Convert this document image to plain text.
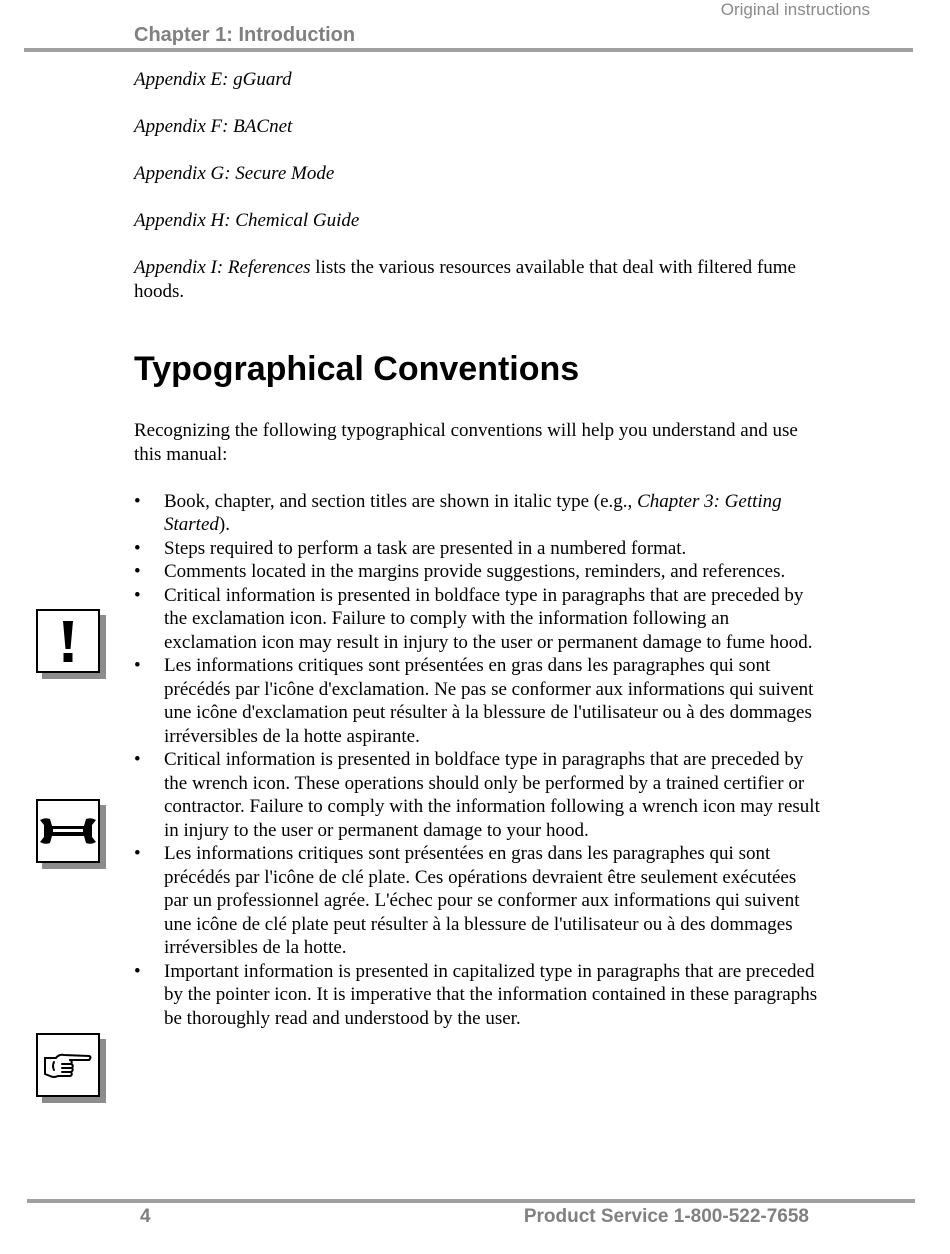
Original instructions
Chapter 1: Introduction

Appendix E: gGuard

Appendix F: BACnet

Appendix G: Secure Mode

Appendix H: Chemical Guide

Appendix I: References lists the various resources available that deal with filtered fume hoods.

Typographical Conventions

Recognizing the following typographical conventions will help you understand and use this manual:

• Book, chapter, and section titles are shown in italic type (e.g., Chapter 3: Getting Started).
• Steps required to perform a task are presented in a numbered format.
• Comments located in the margins provide suggestions, reminders, and references.
• Critical information is presented in boldface type in paragraphs that are preceded by the exclamation icon. Failure to comply with the information following an exclamation icon may result in injury to the user or permanent damage to fume hood.
• Les informations critiques sont présentées en gras dans les paragraphes qui sont précédés par l'icône d'exclamation. Ne pas se conformer aux informations qui suivent une icône d'exclamation peut résulter à la blessure de l'utilisateur ou à des dommages irréversibles de la hotte aspirante.
• Critical information is presented in boldface type in paragraphs that are preceded by the wrench icon. These operations should only be performed by a trained certifier or contractor. Failure to comply with the information following a wrench icon may result in injury to the user or permanent damage to your hood.
• Les informations critiques sont présentées en gras dans les paragraphes qui sont précédés par l'icône de clé plate. Ces opérations devraient être seulement exécutées par un professionnel agrée. L'échec pour se conformer aux informations qui suivent une icône de clé plate peut résulter à la blessure de l'utilisateur ou à des dommages irréversibles de la hotte.
• Important information is presented in capitalized type in paragraphs that are preceded by the pointer icon. It is imperative that the information contained in these paragraphs be thoroughly read and understood by the user.
4	Product Service 1-800-522-7658
